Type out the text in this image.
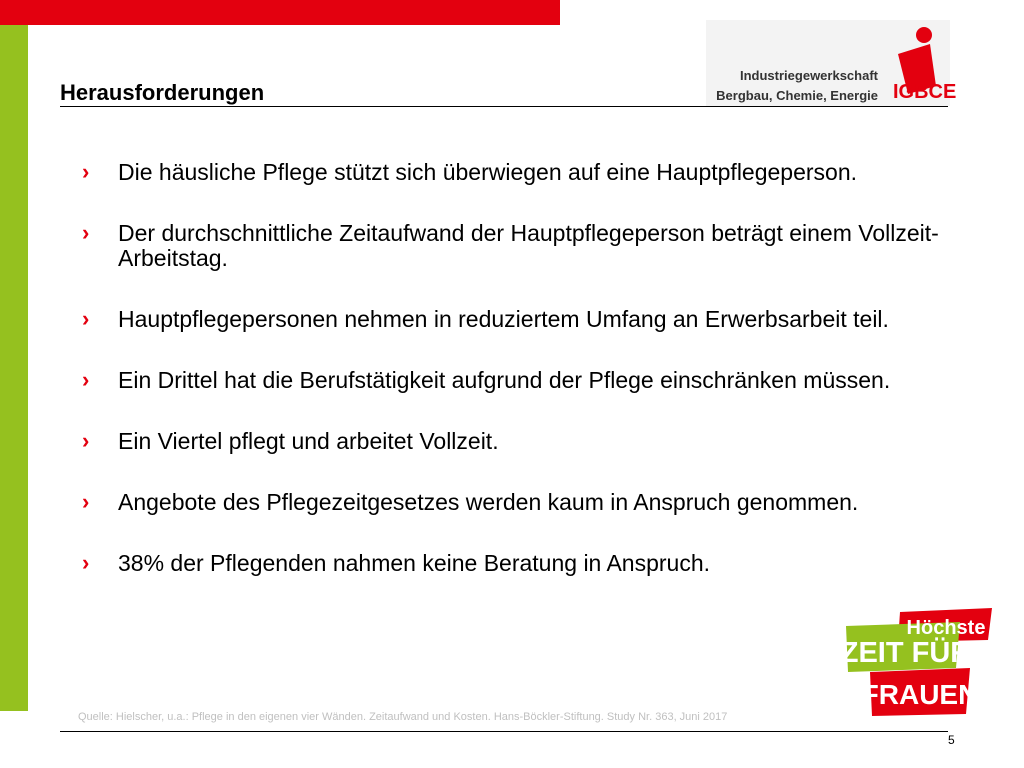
Herausforderungen
Industriegewerkschaft
Bergbau, Chemie, Energie IGBCE
› Die häusliche Pflege stützt sich überwiegen auf eine Hauptpflegeperson.
› Der durchschnittliche Zeitaufwand der Hauptpflegeperson beträgt einem Vollzeit-Arbeitstag.
› Hauptpflegepersonen nehmen in reduziertem Umfang an Erwerbsarbeit teil.
› Ein Drittel hat die Berufstätigkeit aufgrund der Pflege einschränken müssen.
› Ein Viertel pflegt und arbeitet Vollzeit.
› Angebote des Pflegezeitgesetzes werden kaum in Anspruch genommen.
› 38% der Pflegenden nahmen keine Beratung in Anspruch.
Höchste
ZEIT FÜR
FRAUEN
Quelle: Hielscher, u.a.: Pflege in den eigenen vier Wänden. Zeitaufwand und Kosten. Hans-Böckler-Stiftung. Study Nr. 363, Juni 2017
5
